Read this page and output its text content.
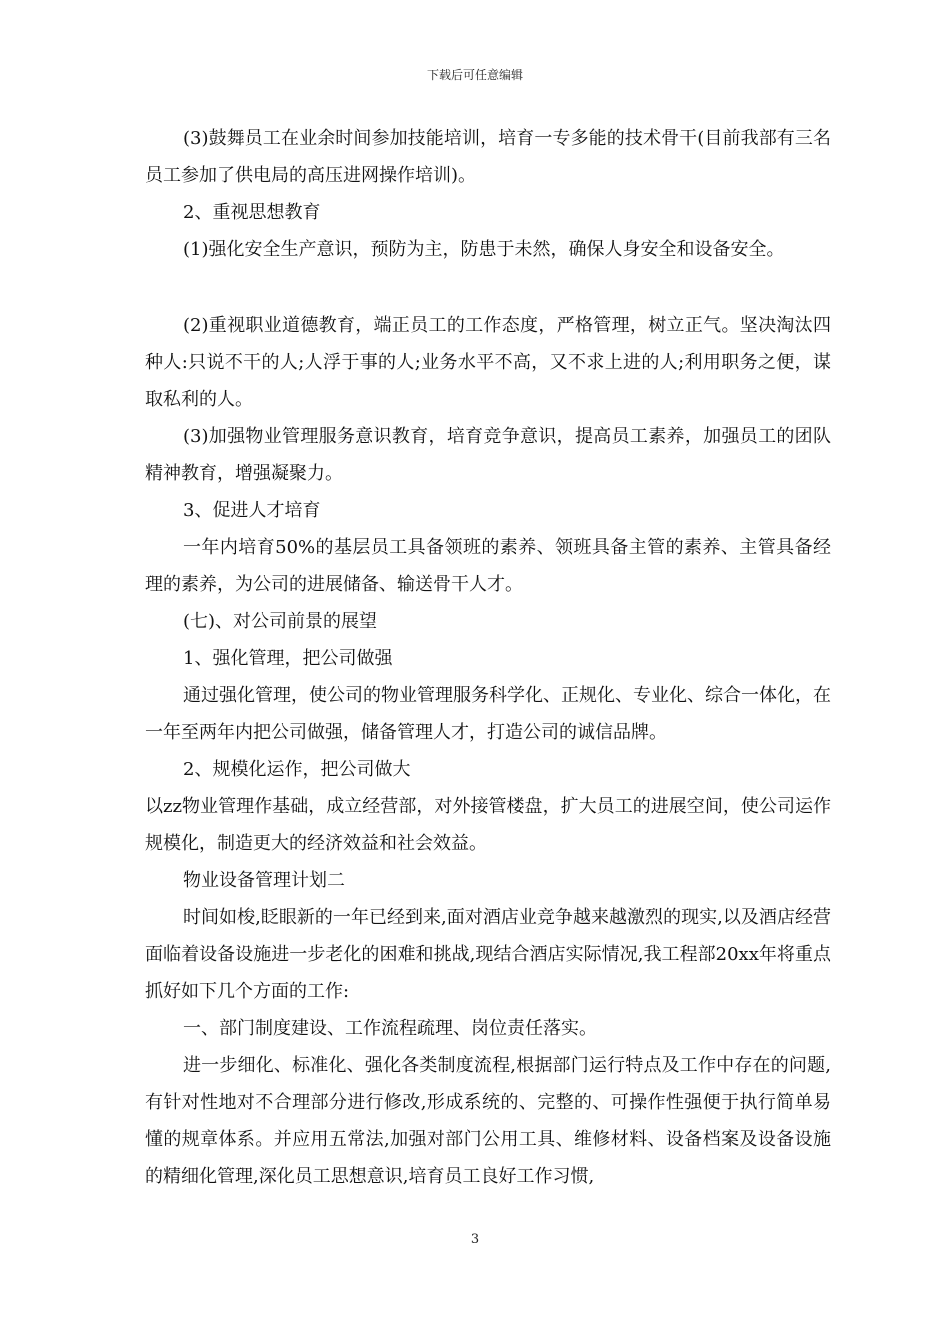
下载后可任意编辑

(3)鼓舞员工在业余时间参加技能培训，培育一专多能的技术骨干(目前我部有三名员工参加了供电局的高压进网操作培训)。

2、重视思想教育

(1)强化安全生产意识，预防为主，防患于未然，确保人身安全和设备安全。

(2)重视职业道德教育，端正员工的工作态度，严格管理，树立正气。坚决淘汰四种人:只说不干的人;人浮于事的人;业务水平不高，又不求上进的人;利用职务之便，谋取私利的人。

(3)加强物业管理服务意识教育，培育竞争意识，提高员工素养，加强员工的团队精神教育，增强凝聚力。

3、促进人才培育

一年内培育50%的基层员工具备领班的素养、领班具备主管的素养、主管具备经理的素养，为公司的进展储备、输送骨干人才。

(七)、对公司前景的展望

1、强化管理，把公司做强

通过强化管理，使公司的物业管理服务科学化、正规化、专业化、综合一体化，在一年至两年内把公司做强，储备管理人才，打造公司的诚信品牌。

2、规模化运作，把公司做大

以zz物业管理作基础，成立经营部，对外接管楼盘，扩大员工的进展空间，使公司运作规模化，制造更大的经济效益和社会效益。

物业设备管理计划二

时间如梭,眨眼新的一年已经到来,面对酒店业竞争越来越激烈的现实,以及酒店经营面临着设备设施进一步老化的困难和挑战,现结合酒店实际情况,我工程部20xx年将重点抓好如下几个方面的工作:

一、部门制度建设、工作流程疏理、岗位责任落实。

进一步细化、标准化、强化各类制度流程,根据部门运行特点及工作中存在的问题,有针对性地对不合理部分进行修改,形成系统的、完整的、可操作性强便于执行简单易懂的规章体系。并应用五常法,加强对部门公用工具、维修材料、设备档案及设备设施的精细化管理,深化员工思想意识,培育员工良好工作习惯,

3
